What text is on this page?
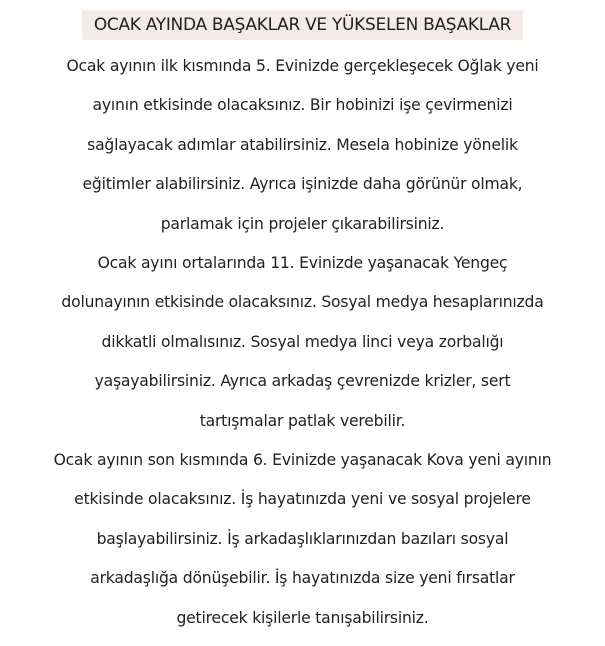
OCAK AYINDA BAŞAKLAR VE YÜKSELEN BAŞAKLAR
Ocak ayının ilk kısmında 5. Evinizde gerçekleşecek Oğlak yeni
ayının etkisinde olacaksınız. Bir hobinizi işe çevirmenizi
sağlayacak adımlar atabilirsiniz. Mesela hobinize yönelik
eğitimler alabilirsiniz. Ayrıca işinizde daha görünür olmak,
parlamak için projeler çıkarabilirsiniz.
Ocak ayını ortalarında 11. Evinizde yaşanacak Yengeç
dolunayının etkisinde olacaksınız. Sosyal medya hesaplarınızda
dikkatli olmalısınız. Sosyal medya linci veya zorbalığı
yaşayabilirsiniz. Ayrıca arkadaş çevrenizde krizler, sert
tartışmalar patlak verebilir.
Ocak ayının son kısmında 6. Evinizde yaşanacak Kova yeni ayının
etkisinde olacaksınız. İş hayatınızda yeni ve sosyal projelere
başlayabilirsiniz. İş arkadaşlıklarınızdan bazıları sosyal
arkadaşlığa dönüşebilir. İş hayatınızda size yeni fırsatlar
getirecek kişilerle tanışabilirsiniz.
